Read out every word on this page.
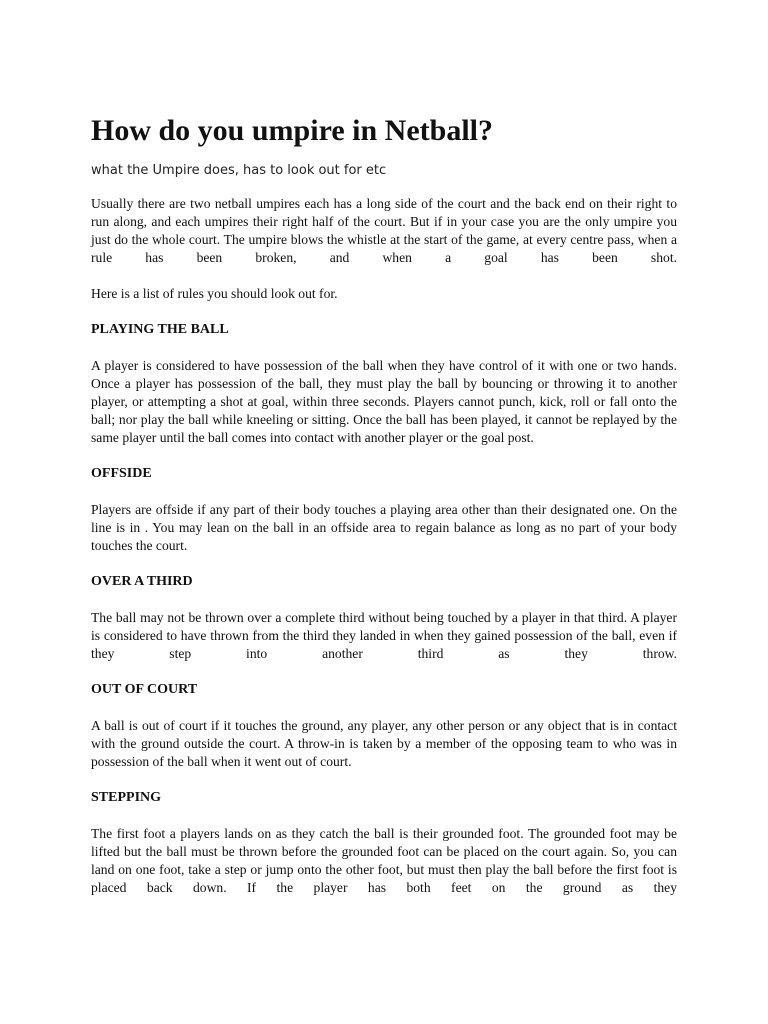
How do you umpire in Netball?
what the Umpire does, has to look out for etc

Usually there are two netball umpires each has a long side of the court and the back end on their right to run along, and each umpires their right half of the court. But if in your case you are the only umpire you just do the whole court. The umpire blows the whistle at the start of the game, at every centre pass, when a rule has been broken, and when a goal has been shot.

Here is a list of rules you should look out for.

PLAYING THE BALL

A player is considered to have possession of the ball when they have control of it with one or two hands. Once a player has possession of the ball, they must play the ball by bouncing or throwing it to another player, or attempting a shot at goal, within three seconds. Players cannot punch, kick, roll or fall onto the ball; nor play the ball while kneeling or sitting. Once the ball has been played, it cannot be replayed by the same player until the ball comes into contact with another player or the goal post.

OFFSIDE

Players are offside if any part of their body touches a playing area other than their designated one. On the line is in . You may lean on the ball in an offside area to regain balance as long as no part of your body touches the court.

OVER A THIRD

The ball may not be thrown over a complete third without being touched by a player in that third. A player is considered to have thrown from the third they landed in when they gained possession of the ball, even if they step into another third as they throw.

OUT OF COURT

A ball is out of court if it touches the ground, any player, any other person or any object that is in contact with the ground outside the court. A throw-in is taken by a member of the opposing team to who was in possession of the ball when it went out of court.

STEPPING

The first foot a players lands on as they catch the ball is their grounded foot. The grounded foot may be lifted but the ball must be thrown before the grounded foot can be placed on the court again. So, you can land on one foot, take a step or jump onto the other foot, but must then play the ball before the first foot is placed back down. If the player has both feet on the ground as they
